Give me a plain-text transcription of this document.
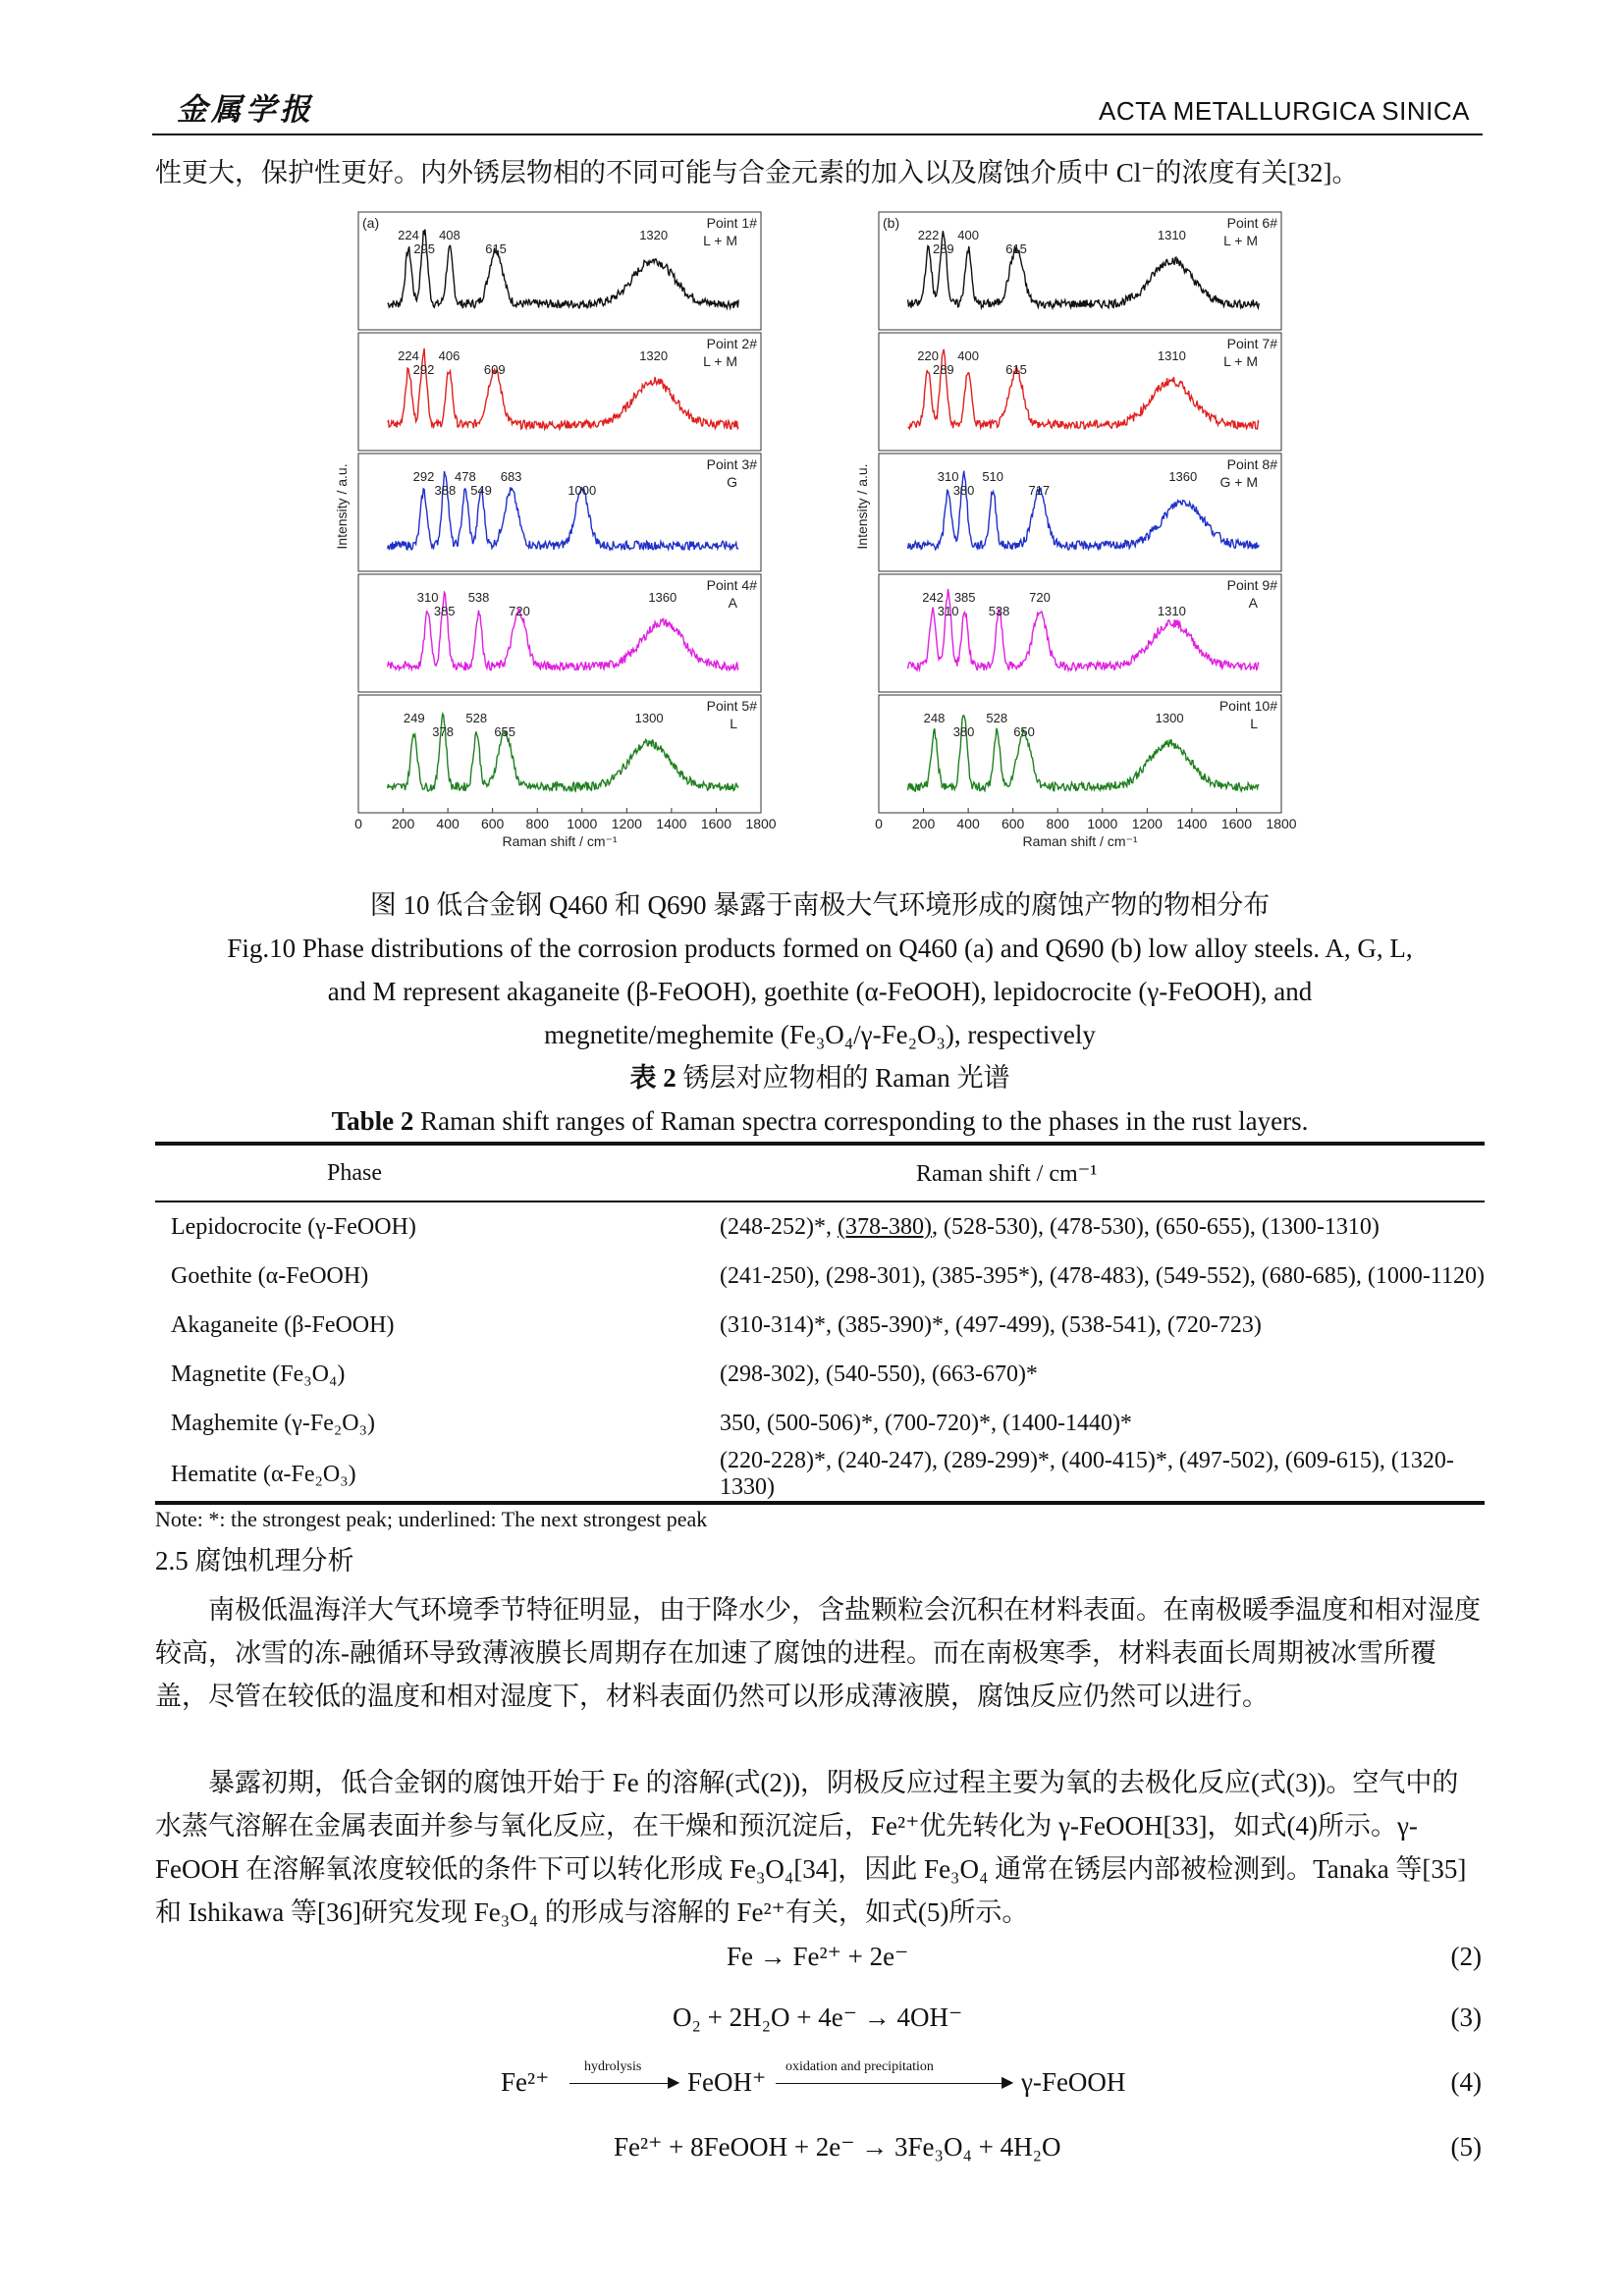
金属学报	ACTA METALLURGICA SINICA
性更大，保护性更好。内外锈层物相的不同可能与合金元素的加入以及腐蚀介质中 Cl⁻的浓度有关[32]。
(a)
Intensity / a.u.
224
295
408
615
1320
Point 1#
L + M
224
292
406
609
1320
Point 2#
L + M
292
388
478
549
683
1000
Point 3#
G
310
385
538
720
1360
Point 4#
A
249
378
528
655
1300
Point 5#
L
0 200 400 600 800 1000 1200 1400 1600 1800
Raman shift / cm⁻¹
(b)
Intensity / a.u.
222
289
400
615
1310
Point 6#
L + M
220
289
400
615
1310
Point 7#
L + M
310
380
510
717
1360
Point 8#
G + M
242
310
385
538
720
1310
Point 9#
A
248
380
528
650
1300
Point 10#
L
0 200 400 600 800 1000 1200 1400 1600 1800
Raman shift / cm⁻¹
图 10 低合金钢 Q460 和 Q690 暴露于南极大气环境形成的腐蚀产物的物相分布
Fig.10 Phase distributions of the corrosion products formed on Q460 (a) and Q690 (b) low alloy steels. A, G, L,
and M represent akaganeite (β-FeOOH), goethite (α-FeOOH), lepidocrocite (γ-FeOOH), and
megnetite/meghemite (Fe₃O₄/γ-Fe₂O₃), respectively
表 2 锈层对应物相的 Raman 光谱
Table 2 Raman shift ranges of Raman spectra corresponding to the phases in the rust layers.
Phase	Raman shift / cm⁻¹
Lepidocrocite (γ-FeOOH)	(248-252)*, (378-380), (528-530), (478-530), (650-655), (1300-1310)
Goethite (α-FeOOH)	(241-250), (298-301), (385-395*), (478-483), (549-552), (680-685), (1000-1120)
Akaganeite (β-FeOOH)	(310-314)*, (385-390)*, (497-499), (538-541), (720-723)
Magnetite (Fe₃O₄)	(298-302), (540-550), (663-670)*
Maghemite (γ-Fe₂O₃)	350, (500-506)*, (700-720)*, (1400-1440)*
Hematite (α-Fe₂O₃)	(220-228)*, (240-247), (289-299)*, (400-415)*, (497-502), (609-615), (1320-1330)
Note: *: the strongest peak; underlined: The next strongest peak
2.5 腐蚀机理分析
南极低温海洋大气环境季节特征明显，由于降水少，含盐颗粒会沉积在材料表面。在南极暖季温度和相对湿度较高，冰雪的冻-融循环导致薄液膜长周期存在加速了腐蚀的进程。而在南极寒季，材料表面长周期被冰雪所覆盖，尽管在较低的温度和相对湿度下，材料表面仍然可以形成薄液膜，腐蚀反应仍然可以进行。
暴露初期，低合金钢的腐蚀开始于 Fe 的溶解(式(2))，阴极反应过程主要为氧的去极化反应(式(3))。空气中的水蒸气溶解在金属表面并参与氧化反应，在干燥和预沉淀后，Fe²⁺优先转化为 γ-FeOOH[33]，如式(4)所示。γ-FeOOH 在溶解氧浓度较低的条件下可以转化形成 Fe₃O₄[34]，因此 Fe₃O₄ 通常在锈层内部被检测到。Tanaka 等[35]和 Ishikawa 等[36]研究发现 Fe₃O₄ 的形成与溶解的 Fe²⁺有关，如式(5)所示。
Fe → Fe²⁺ + 2e⁻	(2)
O₂ + 2H₂O + 4e⁻ → 4OH⁻	(3)
Fe²⁺
hydrolysis
▶ FeOH⁺
oxidation and precipitation
▶ γ-FeOOH	(4)
Fe²⁺ + 8FeOOH + 2e⁻ → 3Fe₃O₄ + 4H₂O	(5)
